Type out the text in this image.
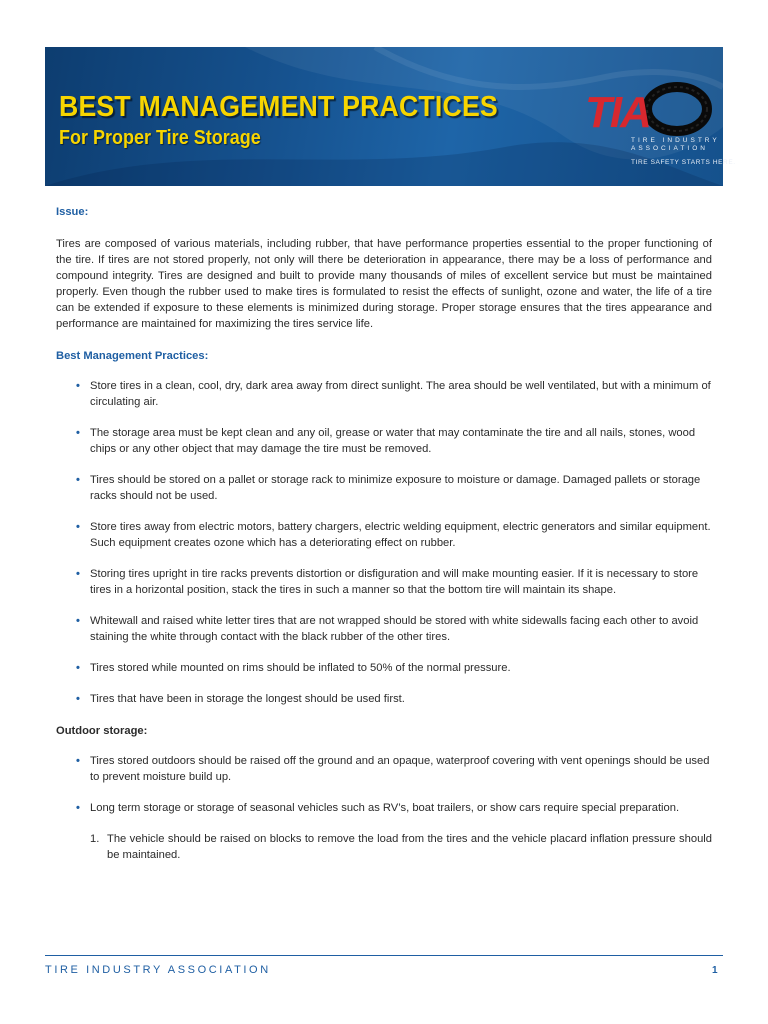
BEST MANAGEMENT PRACTICES
For Proper Tire Storage
TIA
TIRE INDUSTRY
ASSOCIATION
TIRE SAFETY STARTS HERE.

Issue:

Tires are composed of various materials, including rubber, that have performance properties essential to the proper functioning of the tire. If tires are not stored properly, not only will there be deterioration in appearance, there may be a loss of performance and compound integrity. Tires are designed and built to provide many thousands of miles of excellent service but must be maintained properly. Even though the rubber used to make tires is formulated to resist the effects of sunlight, ozone and water, the life of a tire can be extended if exposure to these elements is minimized during storage. Proper storage ensures that the tires appearance and performance are maintained for maximizing the tires service life.

Best Management Practices:

• Store tires in a clean, cool, dry, dark area away from direct sunlight. The area should be well ventilated, but with a minimum of circulating air.
• The storage area must be kept clean and any oil, grease or water that may contaminate the tire and all nails, stones, wood chips or any other object that may damage the tire must be removed.
• Tires should be stored on a pallet or storage rack to minimize exposure to moisture or damage. Damaged pallets or storage racks should not be used.
• Store tires away from electric motors, battery chargers, electric welding equipment, electric generators and similar equipment. Such equipment creates ozone which has a deteriorating effect on rubber.
• Storing tires upright in tire racks prevents distortion or disfiguration and will make mounting easier. If it is necessary to store tires in a horizontal position, stack the tires in such a manner so that the bottom tire will maintain its shape.
• Whitewall and raised white letter tires that are not wrapped should be stored with white sidewalls facing each other to avoid staining the white through contact with the black rubber of the other tires.
• Tires stored while mounted on rims should be inflated to 50% of the normal pressure.
• Tires that have been in storage the longest should be used first.

Outdoor storage:

• Tires stored outdoors should be raised off the ground and an opaque, waterproof covering with vent openings should be used to prevent moisture build up.
• Long term storage or storage of seasonal vehicles such as RV’s, boat trailers, or show cars require special preparation.
1. The vehicle should be raised on blocks to remove the load from the tires and the vehicle placard inflation pressure should be maintained.
TIRE INDUSTRY ASSOCIATION	1
